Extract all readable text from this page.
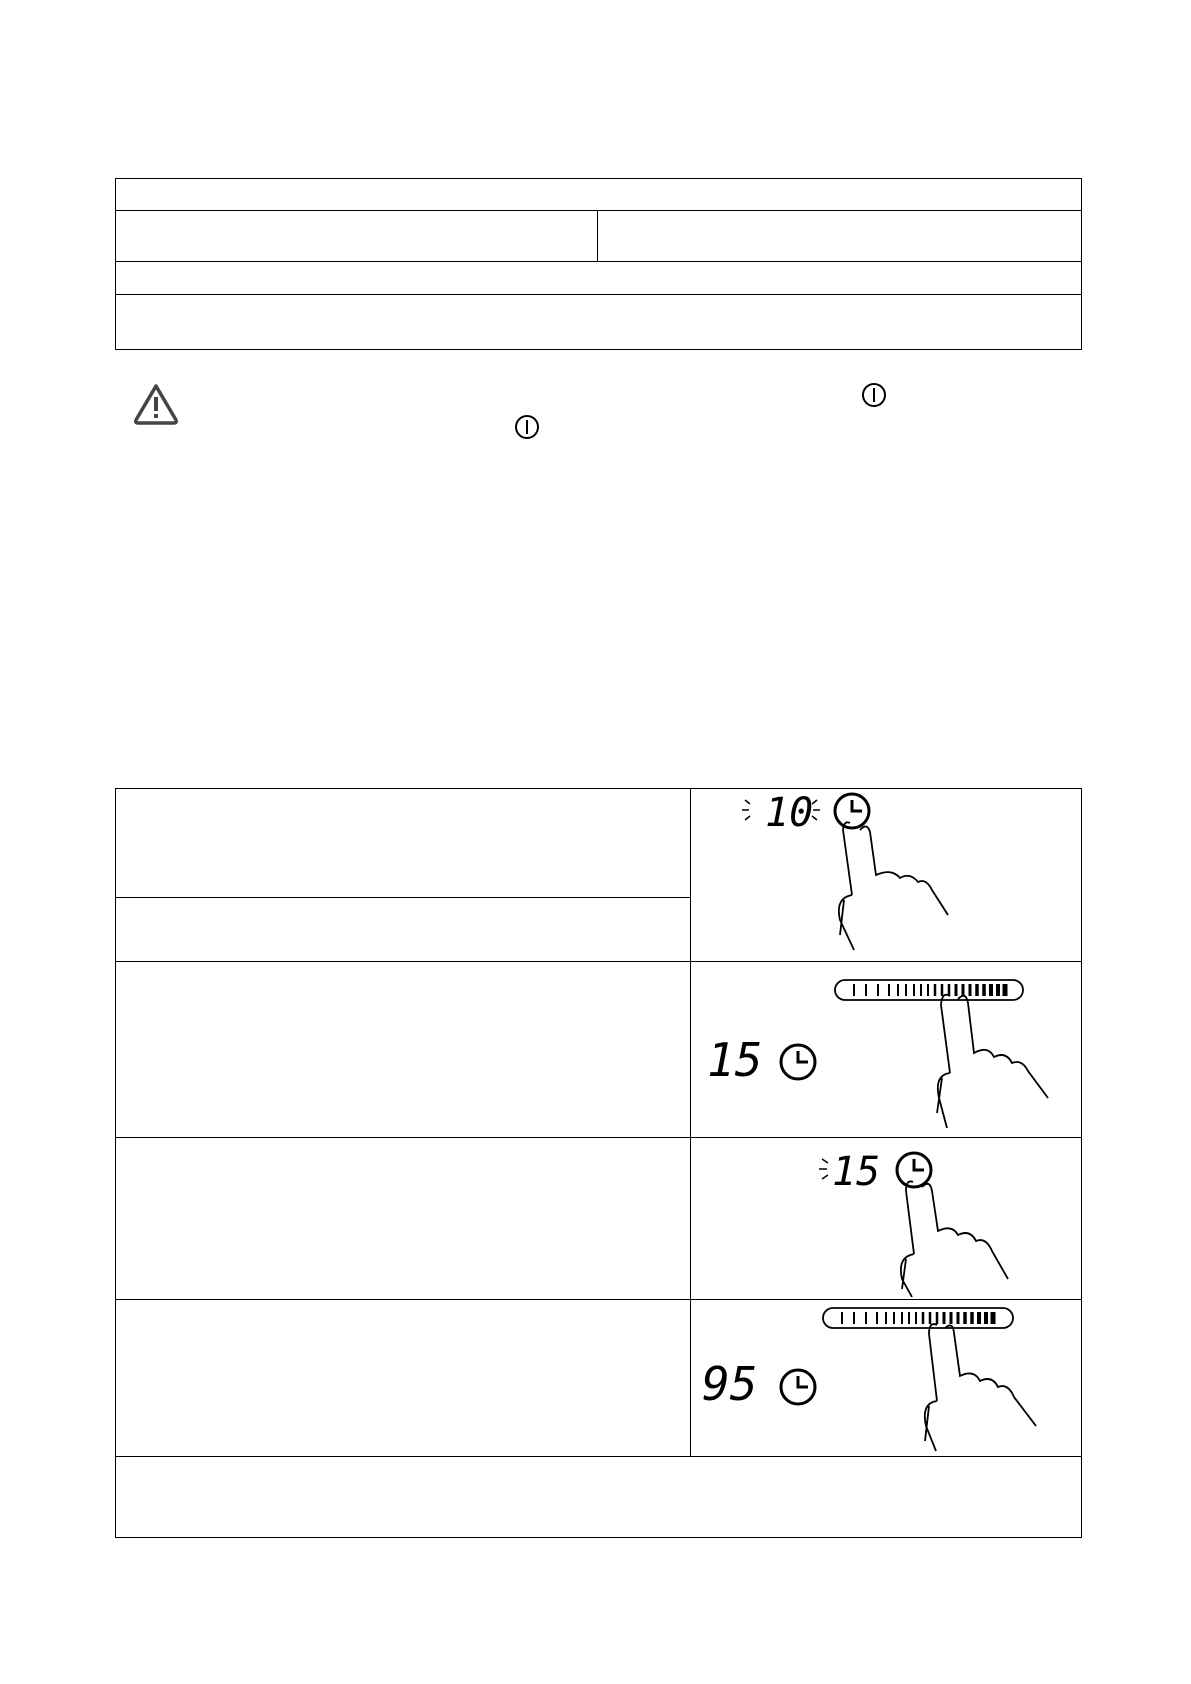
10
15
15
95
